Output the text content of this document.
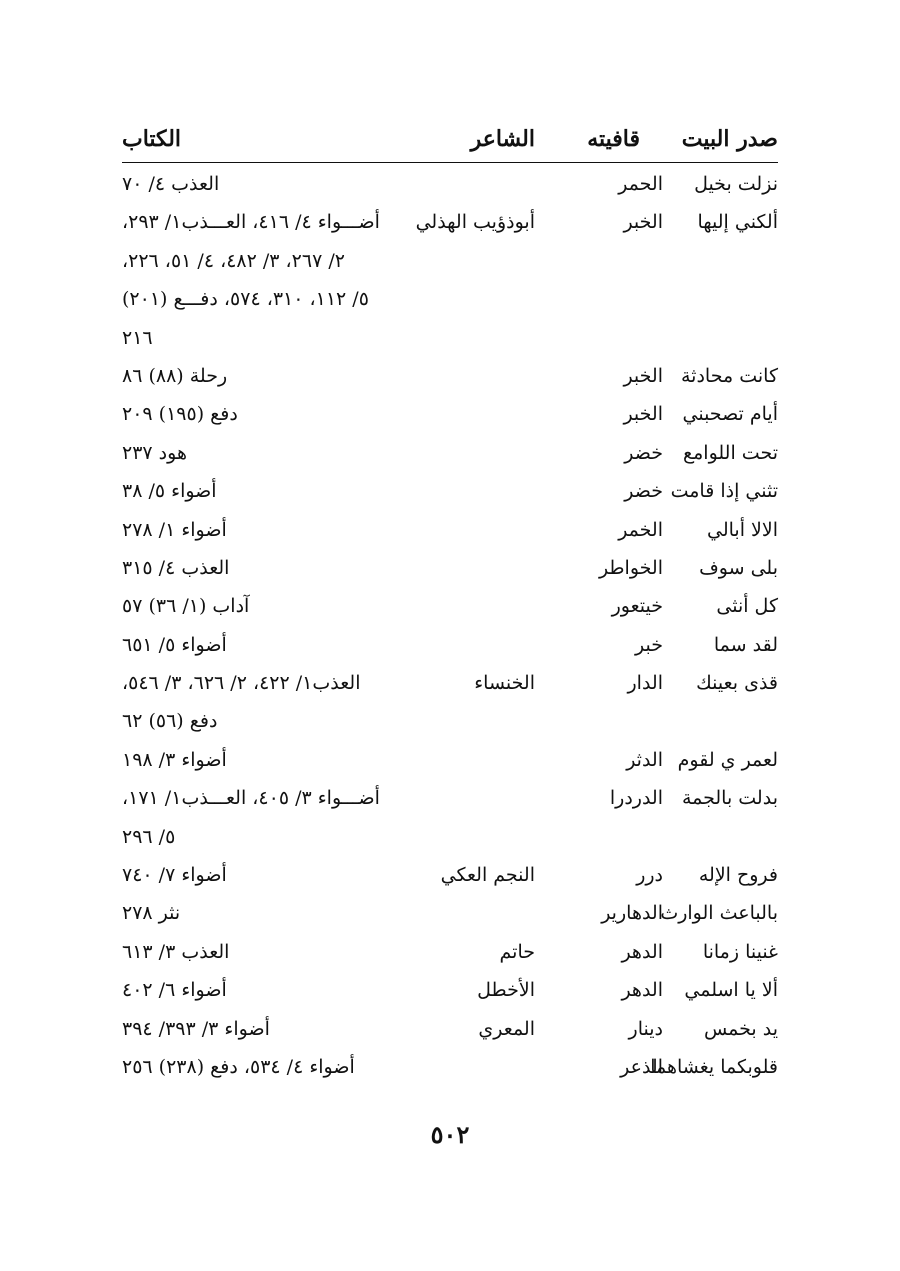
صدر البيت
قافيته
الشاعر
الكتاب
نزلت بخيل
الحمر
العذب ٤/ ٧٠
ألكني إليها
الخبر
أبوذؤيب الهذلي
أضـــواء ٤/ ٤١٦، العـــذب١/ ٢٩٣،
٢/ ٢٦٧، ٣/ ٤٨٢، ٤/ ٥١، ٢٢٦،
٥/ ١١٢، ٣١٠، ٥٧٤، دفـــع (٢٠١)
٢١٦
كانت محادثة
الخبر
رحلة (٨٨) ٨٦
أيام تصحبني
الخبر
دفع (١٩٥) ٢٠٩
تحت اللوامع
خضر
هود ٢٣٧
تثني إذا قامت
خضر
أضواء ٥/ ٣٨
الالا أبالي
الخمر
أضواء ١/ ٢٧٨
بلى سوف
الخواطر
العذب ٤/ ٣١٥
كل أنثى
خيتعور
آداب (١/ ٣٦) ٥٧
لقد سما
خبر
أضواء ٥/ ٦٥١
قذى بعينك
الدار
الخنساء
العذب١/ ٤٢٢، ٢/ ٦٢٦، ٣/ ٥٤٦،
دفع (٥٦) ٦٢
لعمر ي لقوم
الدثر
أضواء ٣/ ١٩٨
بدلت بالجمة
الدردرا
أضـــواء ٣/ ٤٠٥، العـــذب١/ ١٧١،
٥/ ٢٩٦
فروح الإله
درر
النجم العكي
أضواء ٧/ ٧٤٠
بالباعث الوارث
الدهارير
نثر ٢٧٨
غنينا زمانا
الدهر
حاتم
العذب ٣/ ٦١٣
ألا يا اسلمي
الدهر
الأخطل
أضواء ٦/ ٤٠٢
يد بخمس
دينار
المعري
أضواء ٣/ ٣٩٣/ ٣٩٤
قلوبكما يغشاهما
الذعر
أضواء ٤/ ٥٣٤، دفع (٢٣٨) ٢٥٦
٥٠٢
